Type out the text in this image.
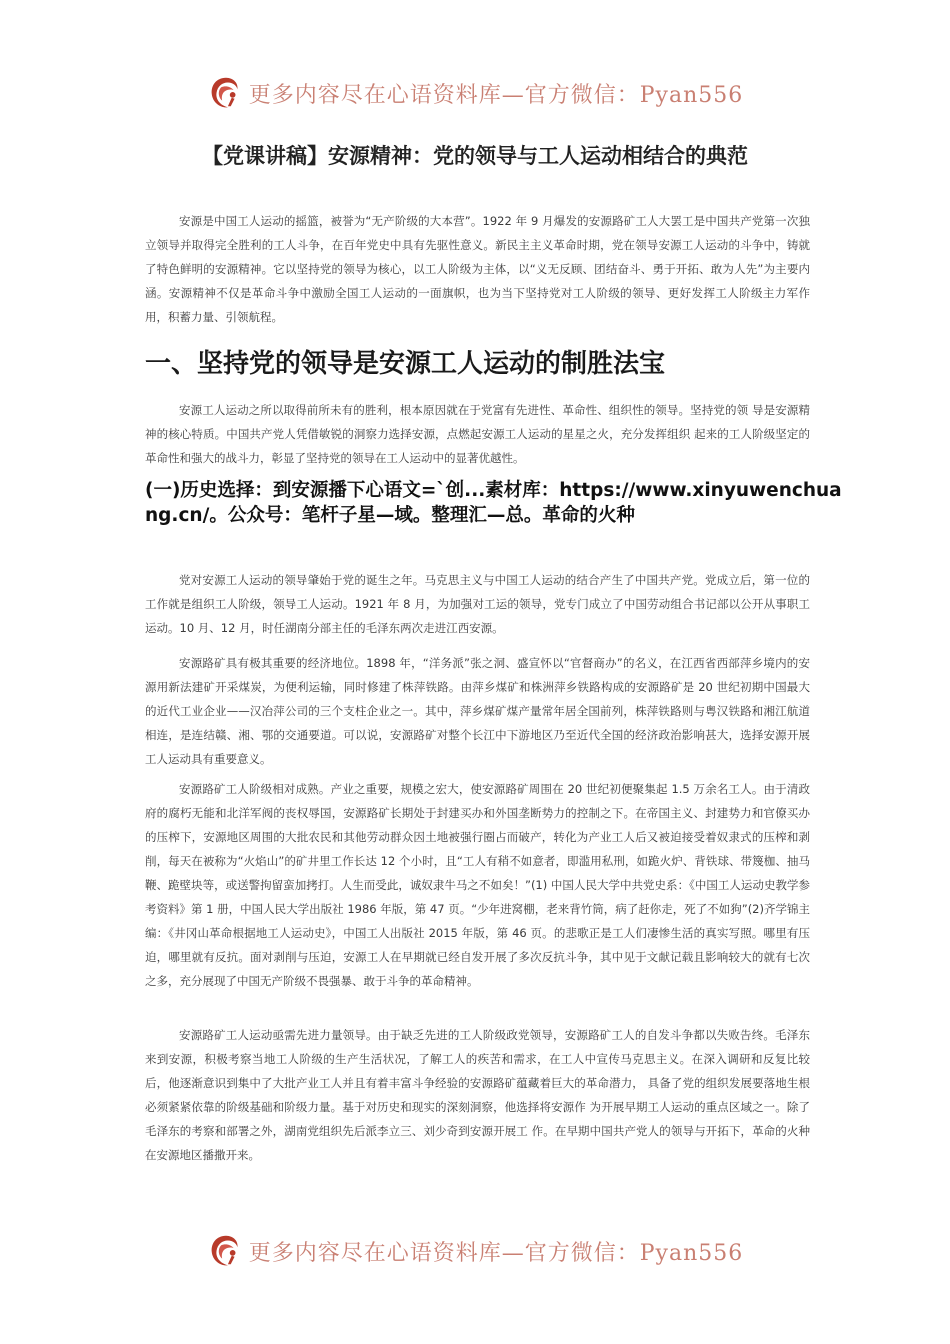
更多内容尽在心语资料库—官方微信：Pyan556
【党课讲稿】安源精神：党的领导与工人运动相结合的典范

安源是中国工人运动的摇篮，被誉为“无产阶级的大本营”。1922 年 9 月爆发的安源路矿工人大罢工是中国共产党第一次独立领导并取得完全胜利的工人斗争，在百年党史中具有先驱性意义。新民主主义革命时期，党在领导安源工人运动的斗争中，铸就了特色鲜明的安源精神。它以坚持党的领导为核心，以工人阶级为主体，以“义无反顾、团结奋斗、勇于开拓、敢为人先”为主要内涵。安源精神不仅是革命斗争中激励全国工人运动的一面旗帜，也为当下坚持党对工人阶级的领导、更好发挥工人阶级主力军作用，积蓄力量、引领航程。

一、坚持党的领导是安源工人运动的制胜法宝

安源工人运动之所以取得前所未有的胜利，根本原因就在于党富有先进性、革命性、组织性的领导。坚持党的领 导是安源精神的核心特质。中国共产党人凭借敏锐的洞察力选择安源，点燃起安源工人运动的星星之火，充分发挥组织 起来的工人阶级坚定的革命性和强大的战斗力，彰显了坚持党的领导在工人运动中的显著优越性。

(一)历史选择：到安源播下心语文=`创...素材库：https://www.xinyuwenchuang.cn/。公众号：笔杆子星—域。整理汇—总。革命的火种

党对安源工人运动的领导肇始于党的诞生之年。马克思主义与中国工人运动的结合产生了中国共产党。党成立后，第一位的工作就是组织工人阶级，领导工人运动。1921 年 8 月，为加强对工运的领导，党专门成立了中国劳动组合书记部以公开从事职工运动。10 月、12 月，时任湖南分部主任的毛泽东两次走进江西安源。

安源路矿具有极其重要的经济地位。1898 年，“洋务派”张之洞、盛宣怀以“官督商办”的名义，在江西省西部萍乡境内的安源用新法建矿开采煤炭，为便利运输，同时修建了株萍铁路。由萍乡煤矿和株洲萍乡铁路构成的安源路矿是 20 世纪初期中国最大的近代工业企业——汉冶萍公司的三个支柱企业之一。其中，萍乡煤矿煤产量常年居全国前列，株萍铁路则与粤汉铁路和湘江航道相连，是连结赣、湘、鄂的交通要道。可以说，安源路矿对整个长江中下游地区乃至近代全国的经济政治影响甚大，选择安源开展工人运动具有重要意义。

安源路矿工人阶级相对成熟。产业之重要，规模之宏大，使安源路矿周围在 20 世纪初便聚集起 1.5 万余名工人。由于清政府的腐朽无能和北洋军阀的丧权辱国，安源路矿长期处于封建买办和外国垄断势力的控制之下。在帝国主义、封建势力和官僚买办的压榨下，安源地区周围的大批农民和其他劳动群众因土地被强行圈占而破产，转化为产业工人后又被迫接受着奴隶式的压榨和剥削，每天在被称为“火焰山”的矿井里工作长达 12 个小时，且“工人有稍不如意者，即滥用私刑，如跪火炉、背铁球、带篾枷、抽马鞭、跪壁块等，或送警拘留蛮加拷打。人生而受此，诚奴隶牛马之不如矣！”(1) 中国人民大学中共党史系：《中国工人运动史教学参考资料》第 1 册，中国人民大学出版社 1986 年版，第 47 页。“少年进窝棚，老来背竹筒，病了赶你走，死了不如狗”(2)齐学锦主编：《井冈山革命根据地工人运动史》，中国工人出版社 2015 年版，第 46 页。的悲歌正是工人们凄惨生活的真实写照。哪里有压迫，哪里就有反抗。面对剥削与压迫，安源工人在早期就已经自发开展了多次反抗斗争，其中见于文献记载且影响较大的就有七次之多，充分展现了中国无产阶级不畏强暴、敢于斗争的革命精神。

安源路矿工人运动亟需先进力量领导。由于缺乏先进的工人阶级政党领导，安源路矿工人的自发斗争都以失败告终。毛泽东来到安源，积极考察当地工人阶级的生产生活状况，了解工人的疾苦和需求，在工人中宣传马克思主义。在深入调研和反复比较后，他逐渐意识到集中了大批产业工人并且有着丰富斗争经验的安源路矿蕴藏着巨大的革命潜力， 具备了党的组织发展要落地生根必须紧紧依靠的阶级基础和阶级力量。基于对历史和现实的深刻洞察，他选择将安源作 为开展早期工人运动的重点区域之一。除了毛泽东的考察和部署之外，湖南党组织先后派李立三、刘少奇到安源开展工 作。在早期中国共产党人的领导与开拓下，革命的火种在安源地区播撒开来。

更多内容尽在心语资料库—官方微信：Pyan556
